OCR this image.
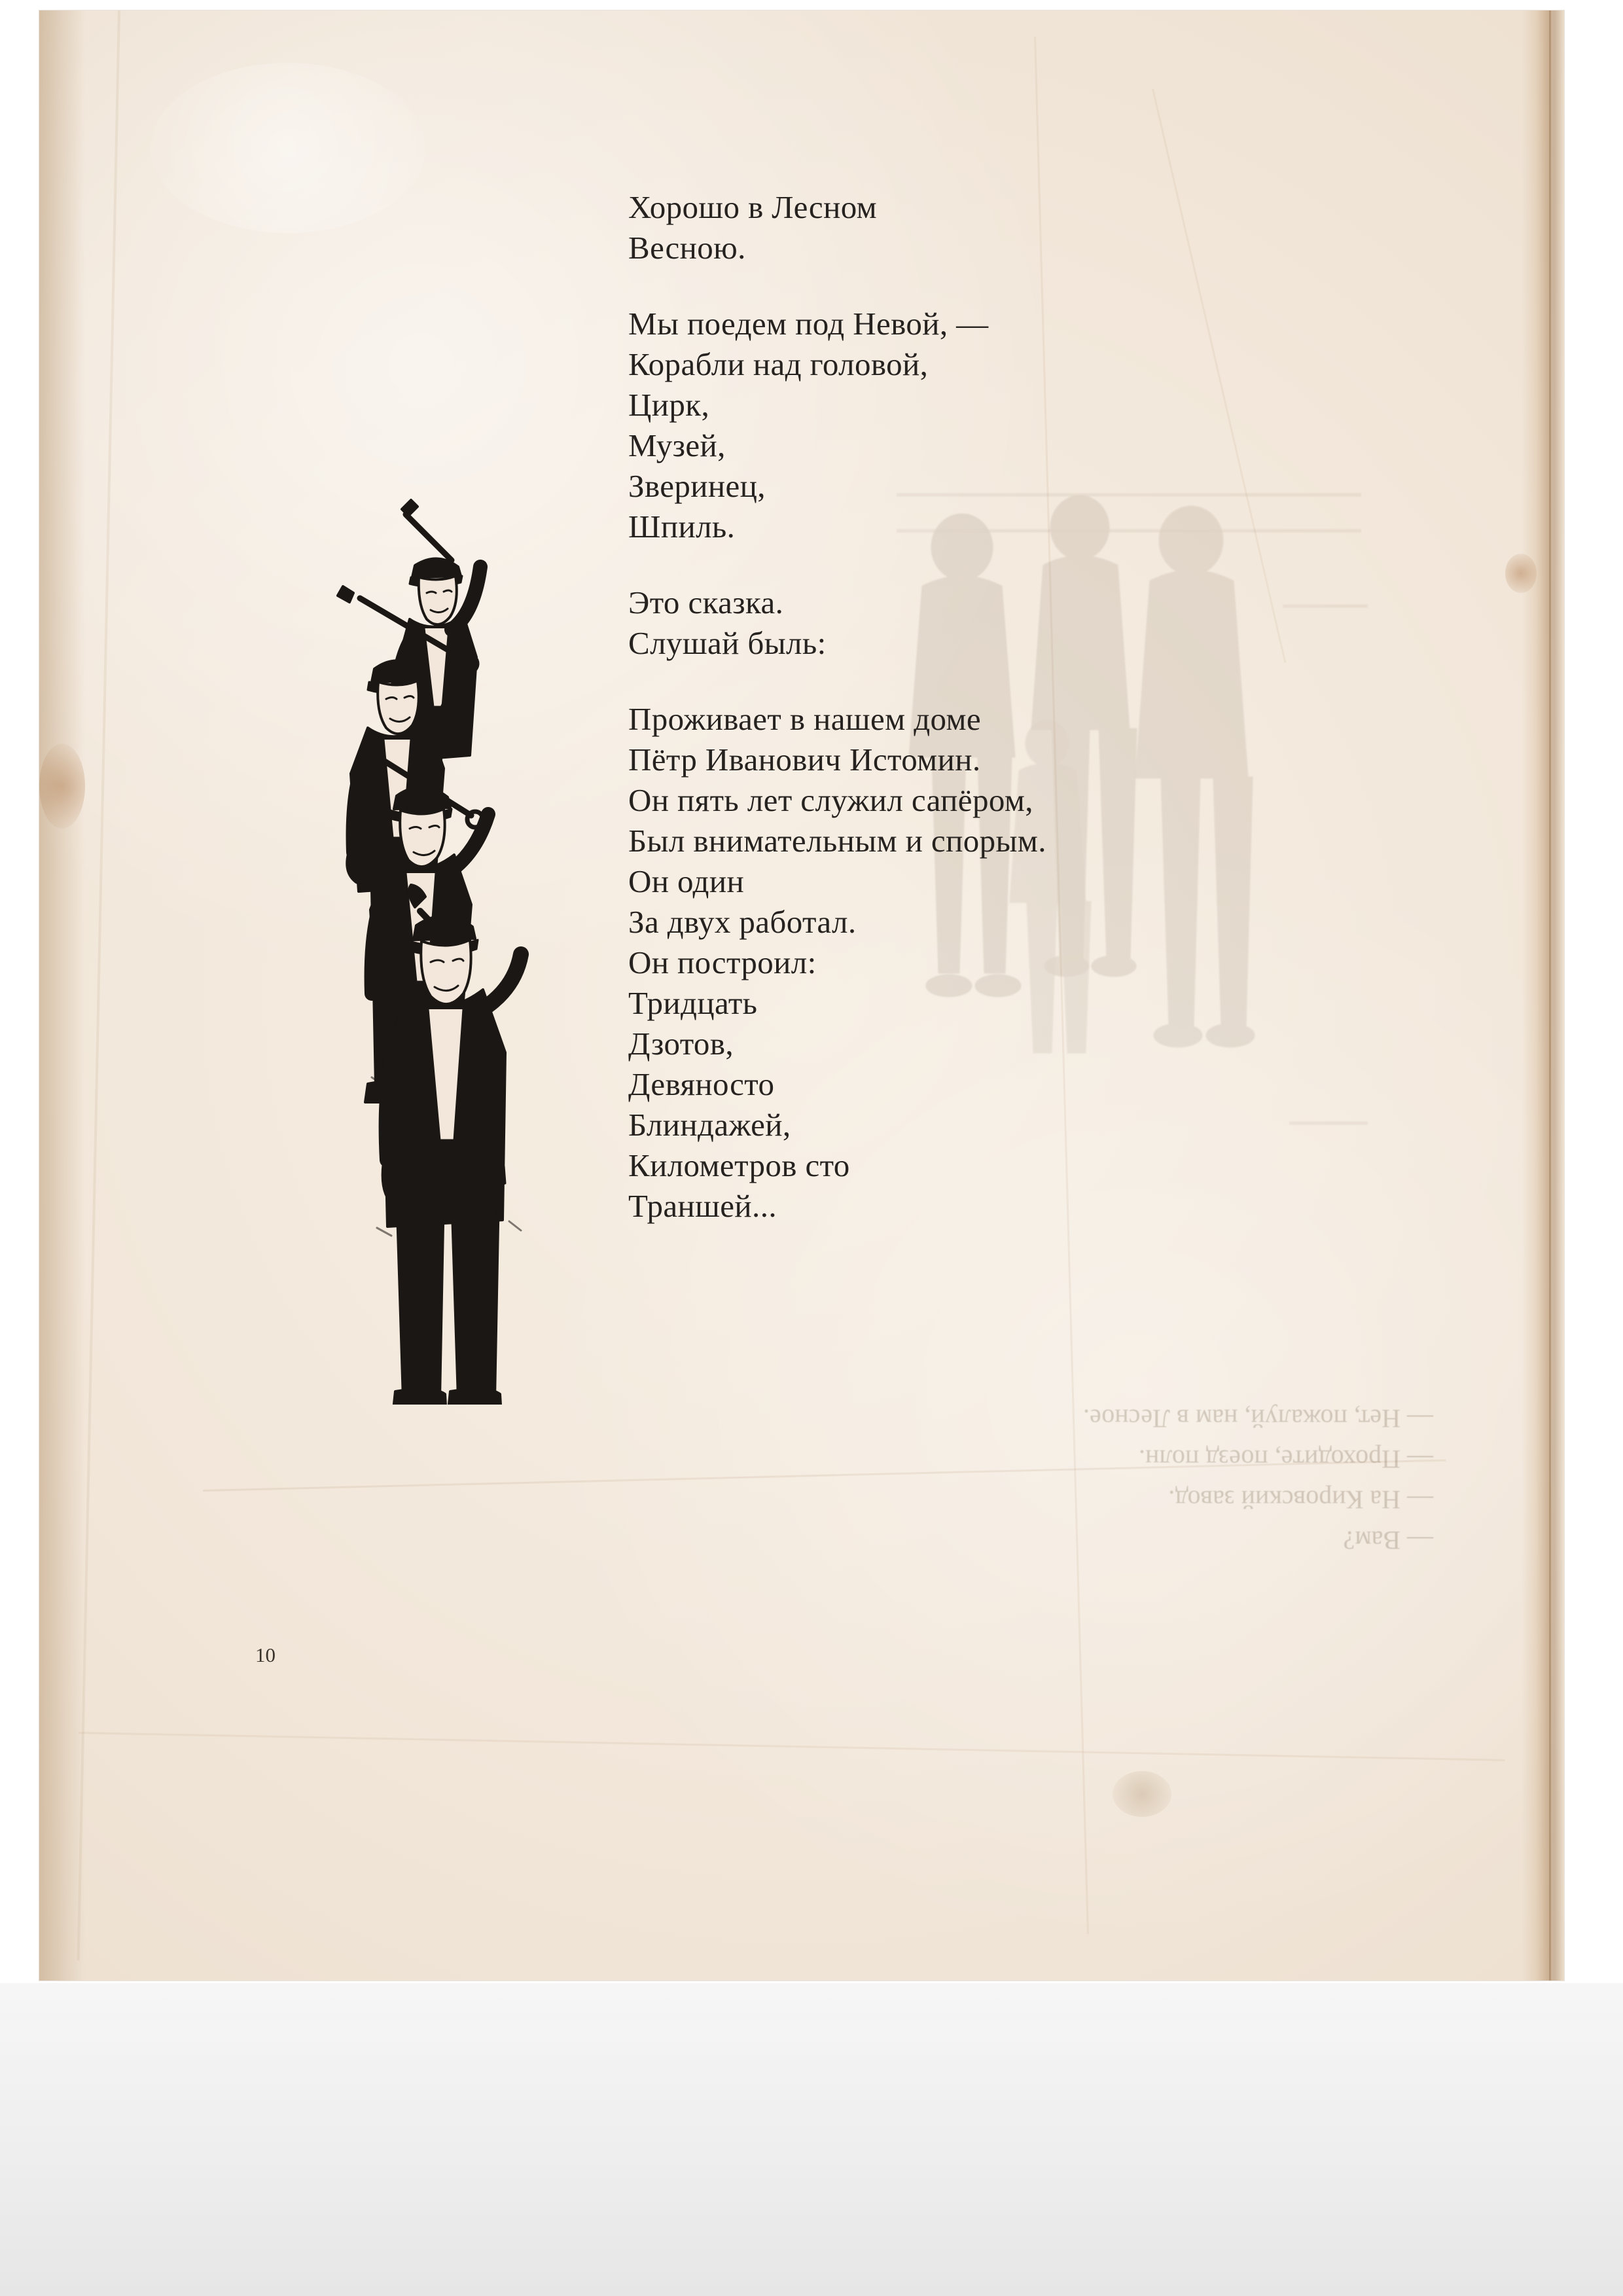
— Вам?
— На Кировский завод.
— Проходите, поезд полн.
— Нет, пожалуй, нам в Лесное.
Хорошо в Лесном
Весною.
Мы поедем под Невой, —
Корабли над головой,
Цирк,
Музей,
Зверинец,
Шпиль.
Это сказка.
Слушай быль:
Проживает в нашем доме
Пётр Иванович Истомин.
Он пять лет служил сапёром,
Был внимательным и спорым.
Он один
За двух работал.
Он построил:
Тридцать
Дзотов,
Девяносто
Блиндажей,
Километров сто
Траншей...
10
